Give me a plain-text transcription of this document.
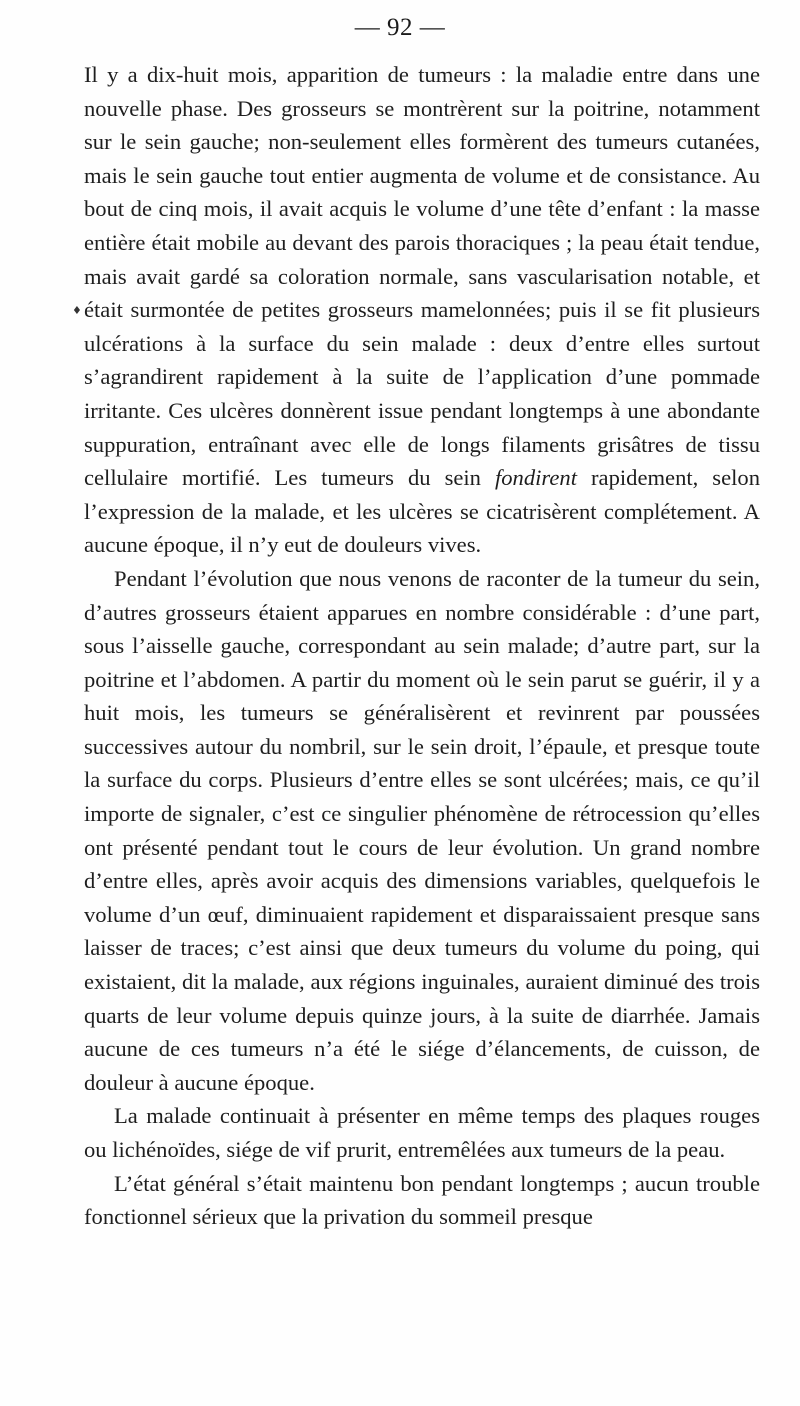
— 92 —
♦

Il y a dix-huit mois, apparition de tumeurs : la maladie entre dans une nouvelle phase. Des grosseurs se montrèrent sur la poitrine, notamment sur le sein gauche; non-seulement elles formèrent des tumeurs cutanées, mais le sein gauche tout entier augmenta de volume et de consistance. Au bout de cinq mois, il avait acquis le volume d’une tête d’enfant : la masse entière était mobile au devant des parois thoraciques ; la peau était tendue, mais avait gardé sa coloration normale, sans vascularisation notable, et était surmontée de petites grosseurs mamelonnées; puis il se fit plusieurs ulcérations à la surface du sein malade : deux d’entre elles surtout s’agrandirent rapidement à la suite de l’application d’une pommade irritante. Ces ulcères donnèrent issue pendant longtemps à une abondante suppuration, entraînant avec elle de longs filaments grisâtres de tissu cellulaire mortifié. Les tumeurs du sein fondirent rapidement, selon l’expression de la malade, et les ulcères se cicatrisèrent complétement. A aucune époque, il n’y eut de douleurs vives.

Pendant l’évolution que nous venons de raconter de la tumeur du sein, d’autres grosseurs étaient apparues en nombre considérable : d’une part, sous l’aisselle gauche, correspondant au sein malade; d’autre part, sur la poitrine et l’abdomen. A partir du moment où le sein parut se guérir, il y a huit mois, les tumeurs se généralisèrent et revinrent par poussées successives autour du nombril, sur le sein droit, l’épaule, et presque toute la surface du corps. Plusieurs d’entre elles se sont ulcérées; mais, ce qu’il importe de signaler, c’est ce singulier phénomène de rétrocession qu’elles ont présenté pendant tout le cours de leur évolution. Un grand nombre d’entre elles, après avoir acquis des dimensions variables, quelquefois le volume d’un œuf, diminuaient rapidement et disparaissaient presque sans laisser de traces; c’est ainsi que deux tumeurs du volume du poing, qui existaient, dit la malade, aux régions inguinales, auraient diminué des trois quarts de leur volume depuis quinze jours, à la suite de diarrhée. Jamais aucune de ces tumeurs n’a été le siége d’élancements, de cuisson, de douleur à aucune époque.

La malade continuait à présenter en même temps des plaques rouges ou lichénoïdes, siége de vif prurit, entremêlées aux tumeurs de la peau.

L’état général s’était maintenu bon pendant longtemps ; aucun trouble fonctionnel sérieux que la privation du sommeil presque
